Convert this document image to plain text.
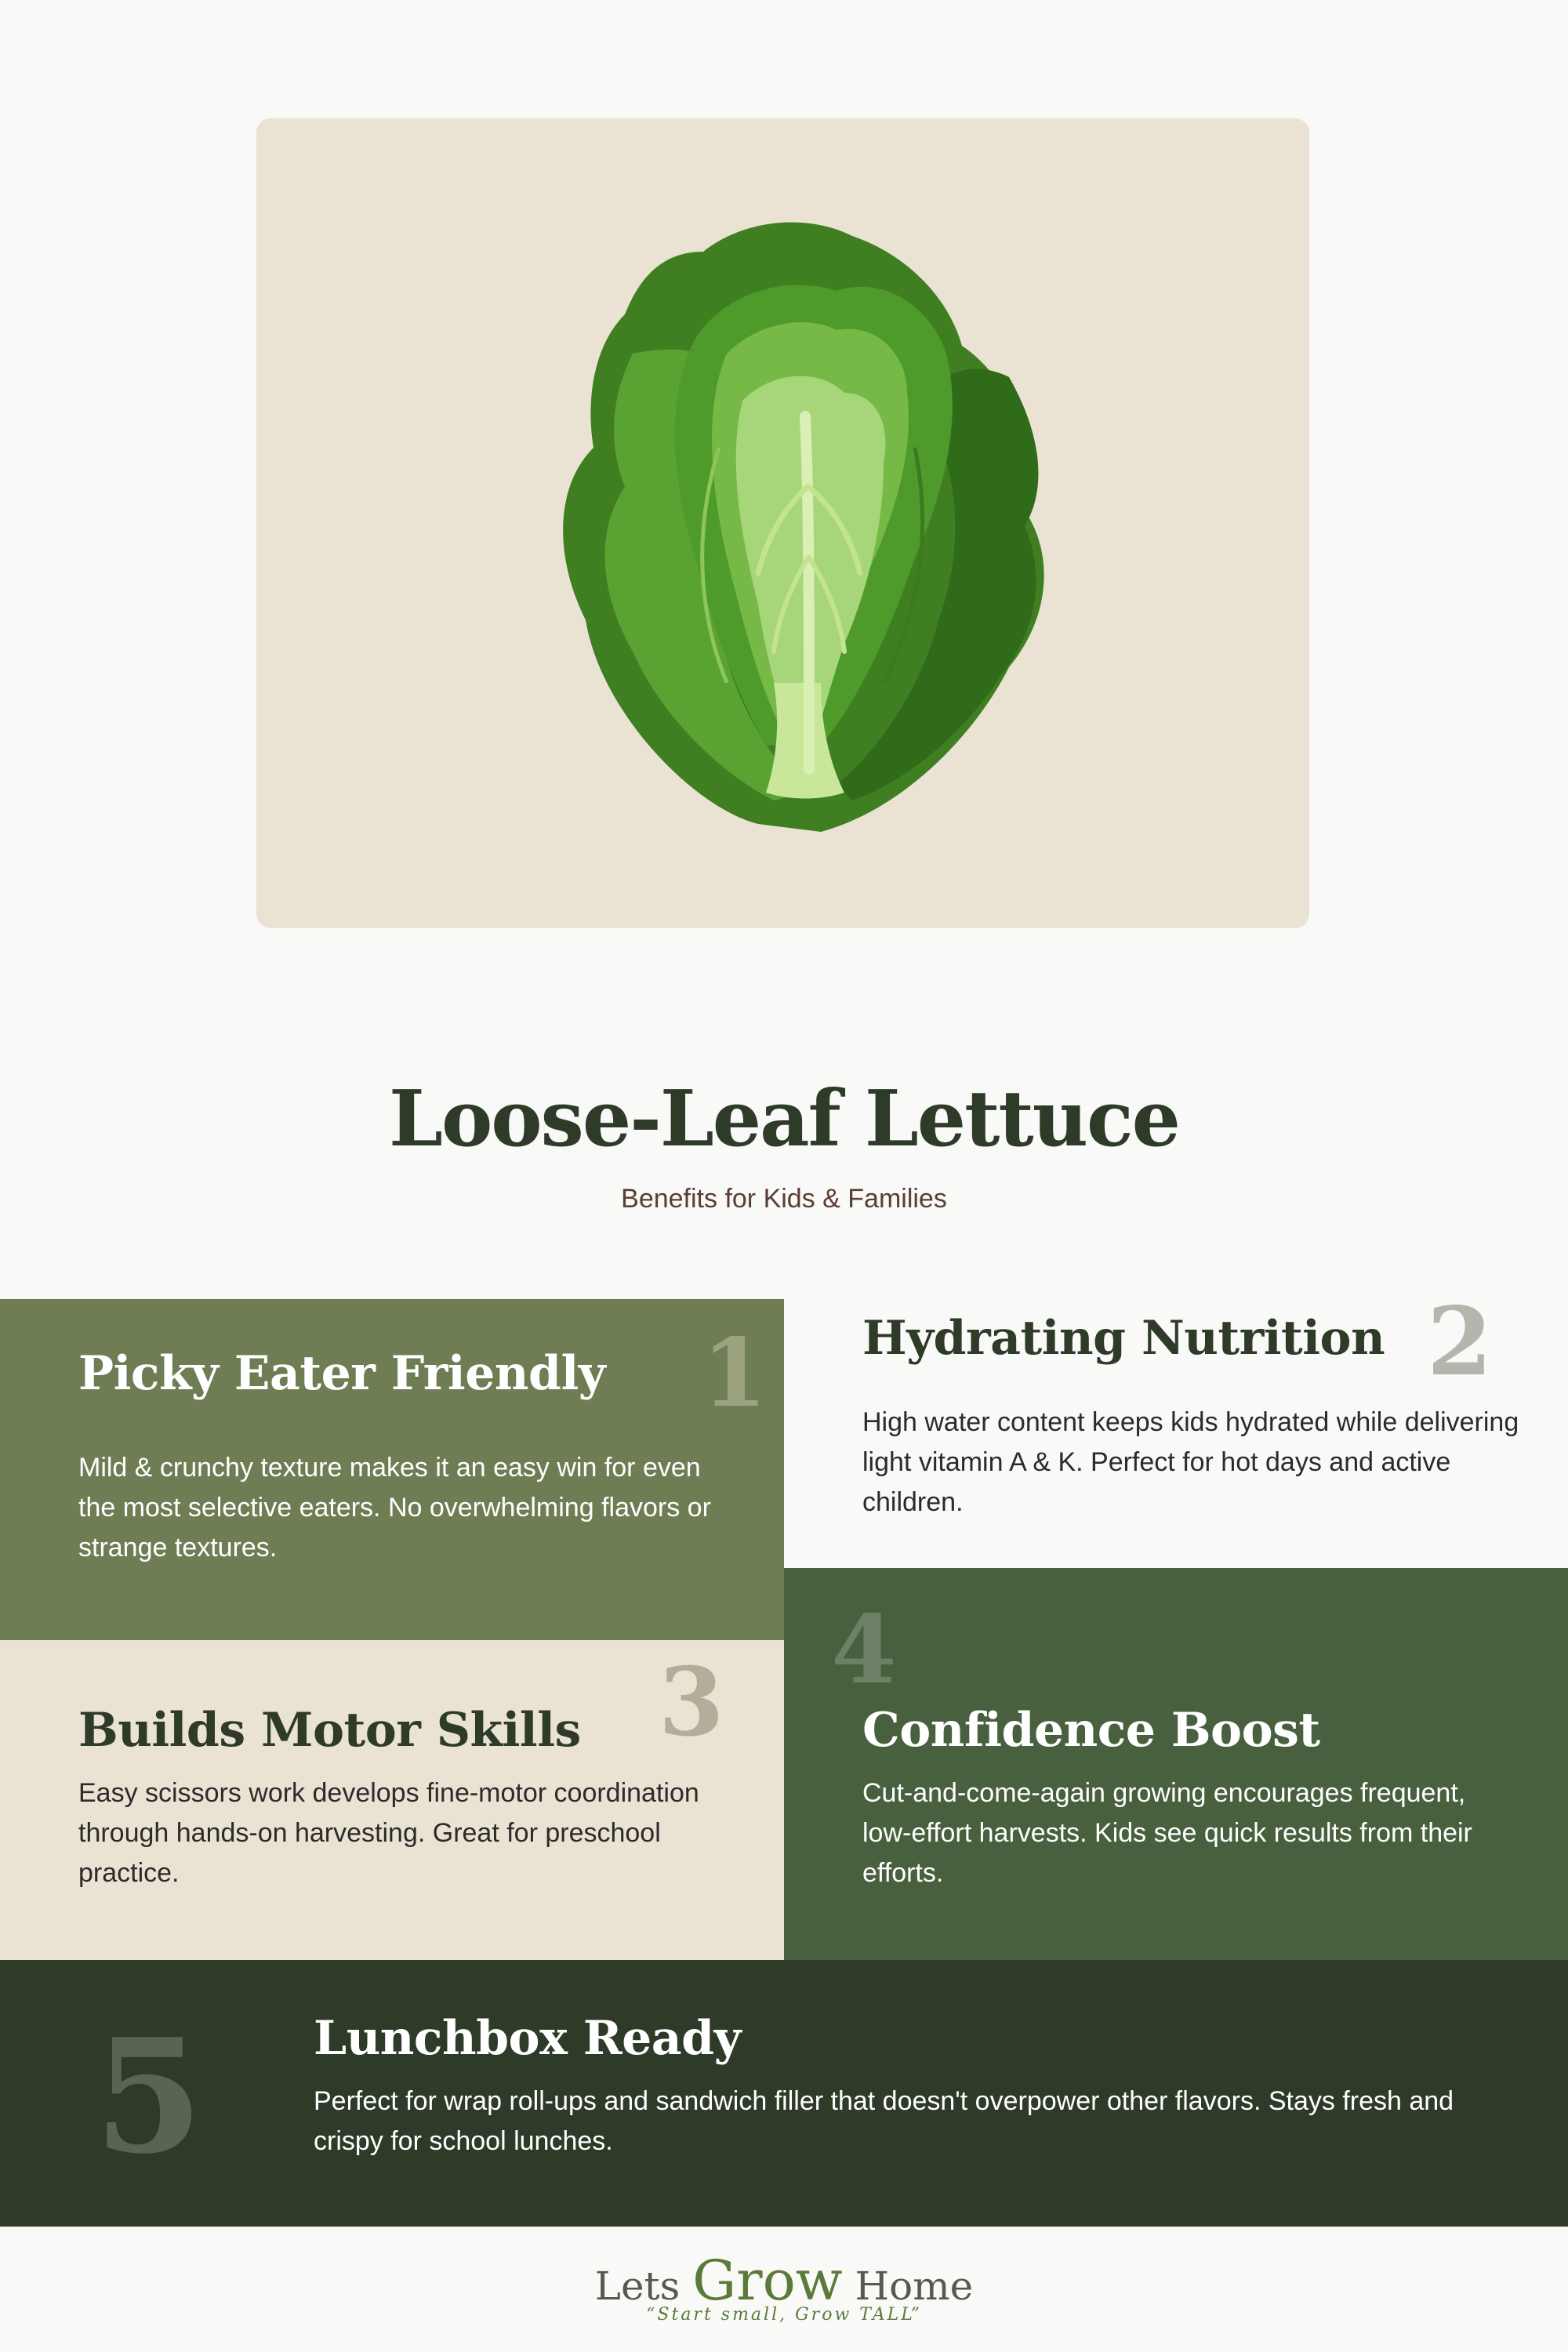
Loose-Leaf Lettuce
Benefits for Kids & Families
1
Picky Eater Friendly

Mild & crunchy texture makes it an easy win for even the most selective eaters. No overwhelming flavors or strange textures.

2
Hydrating Nutrition

High water content keeps kids hydrated while delivering light vitamin A & K. Perfect for hot days and active children.

3
Builds Motor Skills

Easy scissors work develops fine-motor coordination through hands-on harvesting. Great for preschool practice.

4
Confidence Boost

Cut-and-come-again growing encourages frequent, low-effort harvests. Kids see quick results from their efforts.

5 Lunchbox Ready

Perfect for wrap roll-ups and sandwich filler that doesn't overpower other flavors. Stays fresh and crispy for school lunches.

Lets Grow Home
“Start small, Grow TALL”
